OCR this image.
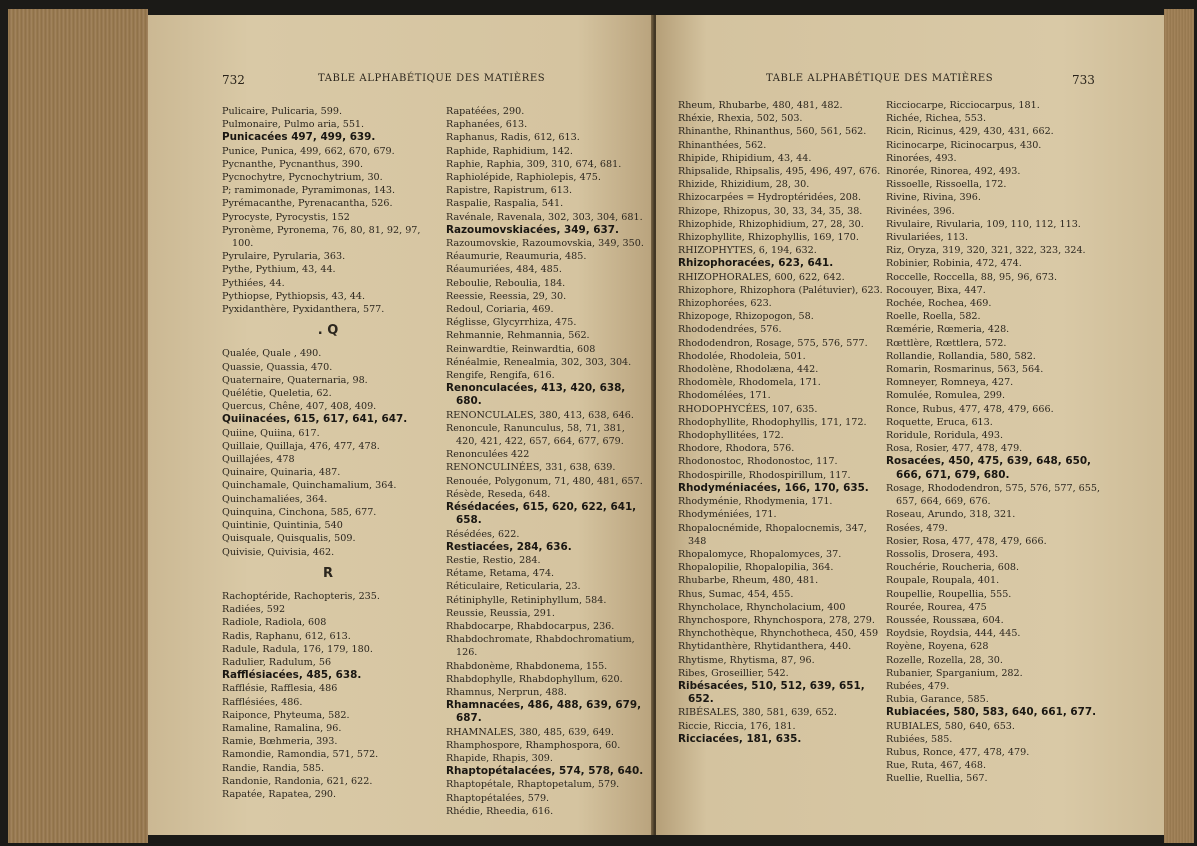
732	TABLE ALPHABÉTIQUE DES MATIÈRES
Pulicaire, Pulicaria, 599.
Pulmonaire, Pulmo aria, 551.
Punicacées 497, 499, 639.
Punice, Punica, 499, 662, 670, 679.
Pycnanthe, Pycnanthus, 390.
Pycnochytre, Pycnochytrium, 30.
P; ramimonade, Pyramimonas, 143.
Pyrémacanthe, Pyrenacantha, 526.
Pyrocyste, Pyrocystis, 152
Pyronème, Pyronema, 76, 80, 81, 92, 97, 100.
Pyrulaire, Pyrularia, 363.
Pythe, Pythium, 43, 44.
Pythiées, 44.
Pythiopse, Pythiopsis, 43, 44.
Pyxidanthère, Pyxidanthera, 577.
. Q
Qualée, Quale , 490.
Quassie, Quassia, 470.
Quaternaire, Quaternaria, 98.
Quélétie, Queletia, 62.
Quercus, Chêne, 407, 408, 409.
Quiinacées, 615, 617, 641, 647.
Quiine, Quiina, 617.
Quillaie, Quillaja, 476, 477, 478.
Quillajées, 478
Quinaire, Quinaria, 487.
Quinchamale, Quinchamalium, 364.
Quinchamaliées, 364.
Quinquina, Cinchona, 585, 677.
Quintinie, Quintinia, 540
Quisquale, Quisqualis, 509.
Quivisie, Quivisia, 462.
R
Rachoptéride, Rachopteris, 235.
Radiées, 592
Radiole, Radiola, 608
Radis, Raphanu, 612, 613.
Radule, Radula, 176, 179, 180.
Radulier, Radulum, 56
Rafflésiacées, 485, 638.
Rafflésie, Rafflesia, 486
Rafflésiées, 486.
Raiponce, Phyteuma, 582.
Ramaline, Ramalina, 96.
Ramie, Bœhmeria, 393.
Ramondie, Ramondia, 571, 572.
Randie, Randia, 585.
Randonie, Randonia, 621, 622.
Rapatée, Rapatea, 290.
Rapatéées, 290.
Raphanées, 613.
Raphanus, Radis, 612, 613.
Raphide, Raphidium, 142.
Raphie, Raphia, 309, 310, 674, 681.
Raphiolépide, Raphiolepis, 475.
Rapistre, Rapistrum, 613.
Raspalie, Raspalia, 541.
Ravénale, Ravenala, 302, 303, 304, 681.
Razoumovskiacées, 349, 637.
Razoumovskie, Razoumovskia, 349, 350.
Réaumurie, Reaumuria, 485.
Réaumuriées, 484, 485.
Reboulie, Reboulia, 184.
Reessie, Reessia, 29, 30.
Redoul, Coriaria, 469.
Réglisse, Glycyrrhiza, 475.
Rehmannie, Rehmannia, 562.
Reinwardtie, Reinwardtia, 608
Rénéalmie, Renealmia, 302, 303, 304.
Rengife, Rengifa, 616.
Renonculacées, 413, 420, 638, 680.
RENONCULALES, 380, 413, 638, 646.
Renoncule, Ranunculus, 58, 71, 381, 420, 421, 422, 657, 664, 677, 679.
Renonculées 422
RENONCULINÉES, 331, 638, 639.
Renouée, Polygonum, 71, 480, 481, 657.
Résède, Reseda, 648.
Résédacées, 615, 620, 622, 641, 658.
Résédées, 622.
Restiacées, 284, 636.
Restie, Restio, 284.
Rétame, Retama, 474.
Réticulaire, Reticularia, 23.
Rétiniphylle, Retiniphyllum, 584.
Reussie, Reussia, 291.
Rhabdocarpe, Rhabdocarpus, 236.
Rhabdochromate, Rhabdochromatium, 126.
Rhabdonème, Rhabdonema, 155.
Rhabdophylle, Rhabdophyllum, 620.
Rhamnus, Nerprun, 488.
Rhamnacées, 486, 488, 639, 679, 687.
RHAMNALES, 380, 485, 639, 649.
Rhamphospore, Rhamphospora, 60.
Rhapide, Rhapis, 309.
Rhaptopétalacées, 574, 578, 640.
Rhaptopétale, Rhaptopetalum, 579.
Rhaptopétalées, 579.
Rhédie, Rheedia, 616.
TABLE ALPHABÉTIQUE DES MATIÈRES	733
Rheum, Rhubarbe, 480, 481, 482.
Rhéxie, Rhexia, 502, 503.
Rhinanthe, Rhinanthus, 560, 561, 562.
Rhinanthées, 562.
Rhipide, Rhipidium, 43, 44.
Rhipsalide, Rhipsalis, 495, 496, 497, 676.
Rhizide, Rhizidium, 28, 30.
Rhizocarpées = Hydroptéridées, 208.
Rhizope, Rhizopus, 30, 33, 34, 35, 38.
Rhizophide, Rhizophidium, 27, 28, 30.
Rhizophyllite, Rhizophyllis, 169, 170.
RHIZOPHYTES, 6, 194, 632.
Rhizophoracées, 623, 641.
RHIZOPHORALES, 600, 622, 642.
Rhizophore, Rhizophora (Palétuvier), 623.
Rhizophorées, 623.
Rhizopoge, Rhizopogon, 58.
Rhododendrées, 576.
Rhododendron, Rosage, 575, 576, 577.
Rhodolée, Rhodoleia, 501.
Rhodolène, Rhodolæna, 442.
Rhodomèle, Rhodomela, 171.
Rhodomélées, 171.
RHODOPHYCÉES, 107, 635.
Rhodophyllite, Rhodophyllis, 171, 172.
Rhodophyllitées, 172.
Rhodore, Rhodora, 576.
Rhodonostoc, Rhodonostoc, 117.
Rhodospirille, Rhodospirillum, 117.
Rhodyméniacées, 166, 170, 635.
Rhodyménie, Rhodymenia, 171.
Rhodyméniées, 171.
Rhopalocnémide, Rhopalocnemis, 347, 348
Rhopalomyce, Rhopalomyces, 37.
Rhopalopilie, Rhopalopilia, 364.
Rhubarbe, Rheum, 480, 481.
Rhus, Sumac, 454, 455.
Rhyncholace, Rhyncholacium, 400
Rhynchospore, Rhynchospora, 278, 279.
Rhynchothèque, Rhynchotheca, 450, 459
Rhytidanthère, Rhytidanthera, 440.
Rhytisme, Rhytisma, 87, 96.
Ribes, Groseillier, 542.
Ribésacées, 510, 512, 639, 651, 652.
RIBÉSALES, 380, 581, 639, 652.
Riccie, Riccia, 176, 181.
Ricciacées, 181, 635.
Ricciocarpe, Ricciocarpus, 181.
Richée, Richea, 553.
Ricin, Ricinus, 429, 430, 431, 662.
Ricinocarpe, Ricinocarpus, 430.
Rinorées, 493.
Rinorée, Rinorea, 492, 493.
Rissoelle, Rissoella, 172.
Rivine, Rivina, 396.
Rivinées, 396.
Rivulaire, Rivularia, 109, 110, 112, 113.
Rivulariées, 113.
Riz, Oryza, 319, 320, 321, 322, 323, 324.
Robinier, Robinia, 472, 474.
Roccelle, Roccella, 88, 95, 96, 673.
Rocouyer, Bixa, 447.
Rochée, Rochea, 469.
Roelle, Roella, 582.
Rœmérie, Rœmeria, 428.
Rœttlère, Rœttlera, 572.
Rollandie, Rollandia, 580, 582.
Romarin, Rosmarinus, 563, 564.
Romneyer, Romneya, 427.
Romulée, Romulea, 299.
Ronce, Rubus, 477, 478, 479, 666.
Roquette, Eruca, 613.
Roridule, Roridula, 493.
Rosa, Rosier, 477, 478, 479.
Rosacées, 450, 475, 639, 648, 650, 666, 671, 679, 680.
Rosage, Rhododendron, 575, 576, 577, 655, 657, 664, 669, 676.
Roseau, Arundo, 318, 321.
Rosées, 479.
Rosier, Rosa, 477, 478, 479, 666.
Rossolis, Drosera, 493.
Rouchérie, Roucheria, 608.
Roupale, Roupala, 401.
Roupellie, Roupellia, 555.
Rourée, Rourea, 475
Roussée, Roussæa, 604.
Roydsie, Roydsia, 444, 445.
Royène, Royena, 628
Rozelle, Rozella, 28, 30.
Rubanier, Sparganium, 282.
Rubées, 479.
Rubia, Garance, 585.
Rubiacées, 580, 583, 640, 661, 677.
RUBIALES, 580, 640, 653.
Rubiées, 585.
Rubus, Ronce, 477, 478, 479.
Rue, Ruta, 467, 468.
Ruellie, Ruellia, 567.
